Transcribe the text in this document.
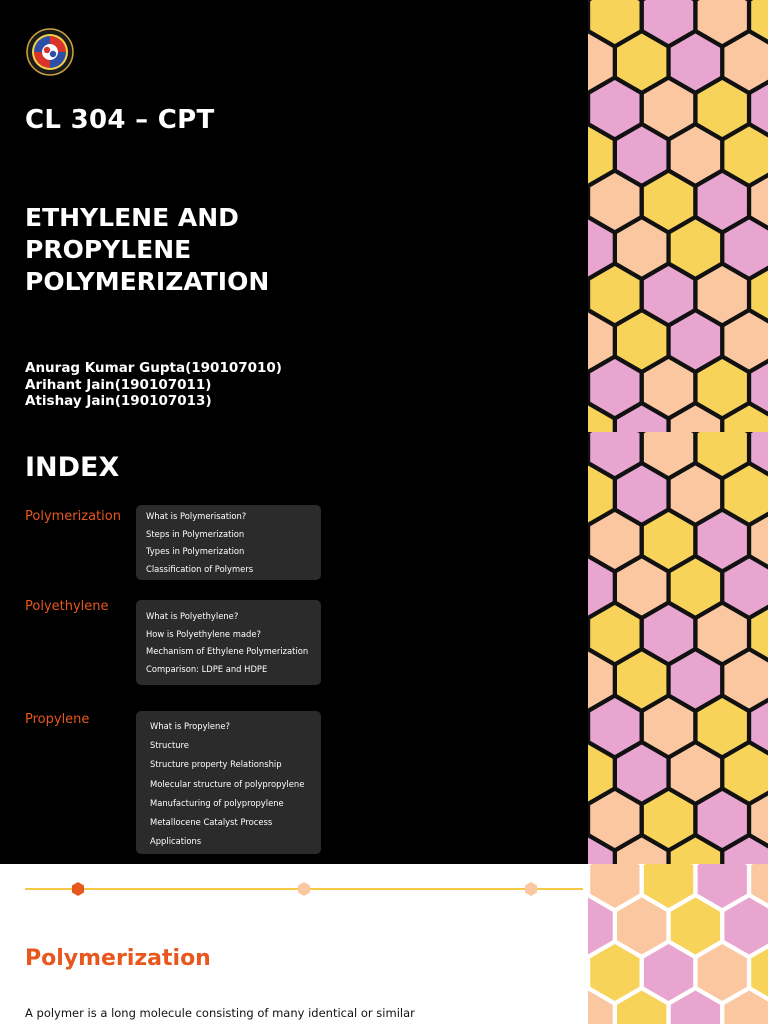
CL 304 – CPT
ETHYLENE AND
PROPYLENE
POLYMERIZATION
Anurag Kumar Gupta(190107010)
Arihant Jain(190107011)
Atishay Jain(190107013)
INDEX
Polymerization	What is Polymerisation?
Steps in Polymerization
Types in Polymerization
Classification of Polymers
Polyethylene
What is Polyethylene?
How is Polyethylene made?
Mechanism of Ethylene Polymerization
Comparison: LDPE and HDPE
Propylene	What is Propylene?
Structure
Structure property Relationship
Molecular structure of polypropylene
Manufacturing of polypropylene
Metallocene Catalyst Process
Applications
Polymerization
A polymer is a long molecule consisting of many identical or similar
